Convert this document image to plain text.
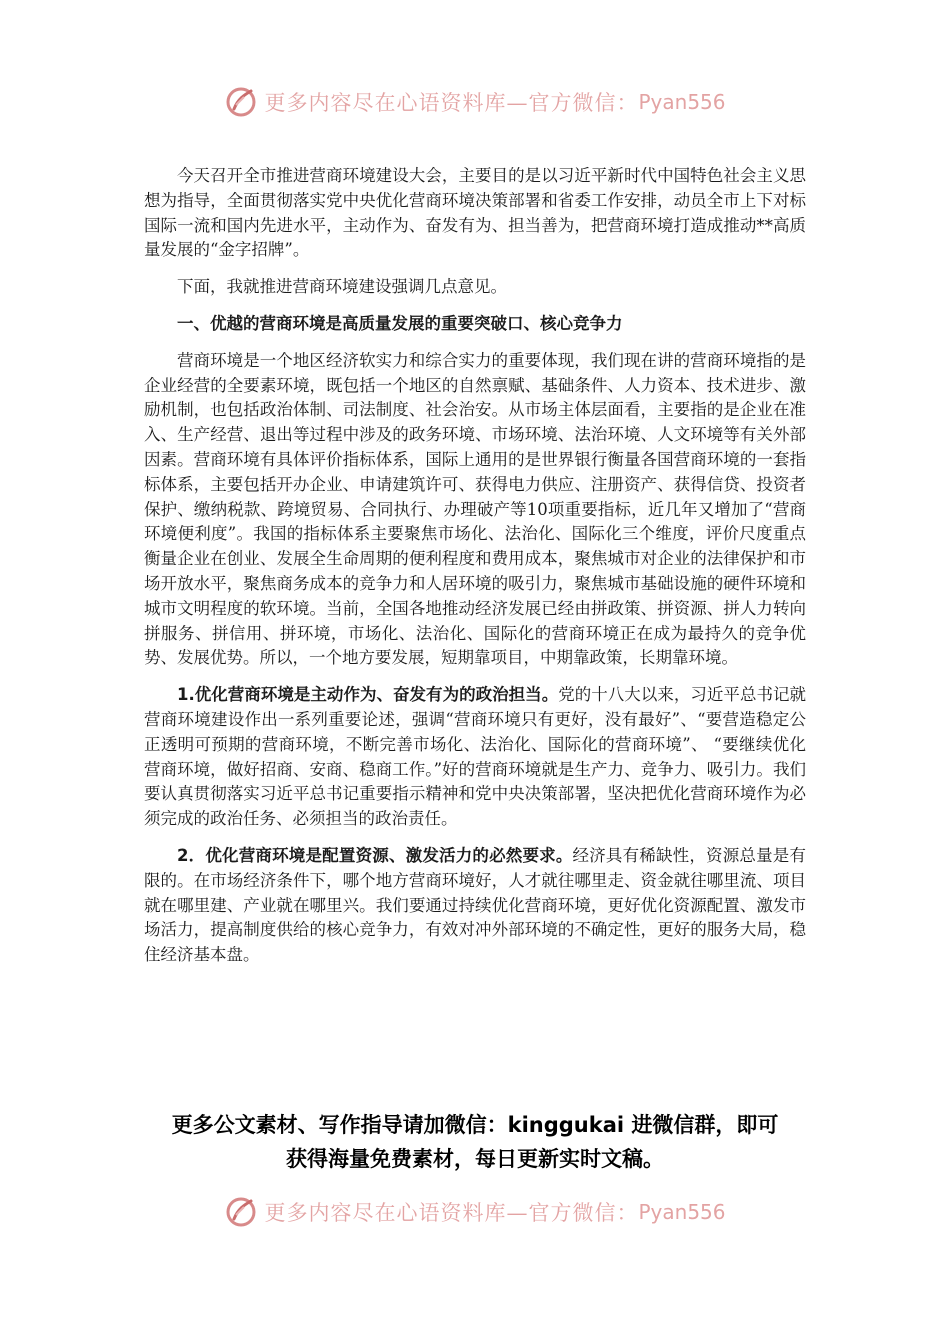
更多内容尽在心语资料库—官方微信： Pyan556

今天召开全市推进营商环境建设大会，主要目的是以习近平新时代中国特色社会主义思想为指导，全面贯彻落实党中央优化营商环境决策部署和省委工作安排，动员全市上下对标国际一流和国内先进水平，主动作为、奋发有为、担当善为，把营商环境打造成推动**高质量发展的“金字招牌”。

下面，我就推进营商环境建设强调几点意见。

一、优越的营商环境是高质量发展的重要突破口、核心竞争力

营商环境是一个地区经济软实力和综合实力的重要体现，我们现在讲的营商环境指的是企业经营的全要素环境，既包括一个地区的自然禀赋、基础条件、人力资本、技术进步、激励机制，也包括政治体制、司法制度、社会治安。从市场主体层面看，主要指的是企业在准入、生产经营、退出等过程中涉及的政务环境、市场环境、法治环境、人文环境等有关外部因素。营商环境有具体评价指标体系，国际上通用的是世界银行衡量各国营商环境的一套指标体系，主要包括开办企业、申请建筑许可、获得电力供应、注册资产、获得信贷、投资者保护、缴纳税款、跨境贸易、合同执行、办理破产等10项重要指标，近几年又增加了“营商环境便利度”。我国的指标体系主要聚焦市场化、法治化、国际化三个维度，评价尺度重点衡量企业在创业、发展全生命周期的便利程度和费用成本，聚焦城市对企业的法律保护和市场开放水平，聚焦商务成本的竞争力和人居环境的吸引力，聚焦城市基础设施的硬件环境和城市文明程度的软环境。当前，全国各地推动经济发展已经由拼政策、拼资源、拼人力转向拼服务、拼信用、拼环境，市场化、法治化、国际化的营商环境正在成为最持久的竞争优势、发展优势。所以，一个地方要发展，短期靠项目，中期靠政策，长期靠环境。

1.优化营商环境是主动作为、奋发有为的政治担当。党的十八大以来，习近平总书记就营商环境建设作出一系列重要论述，强调“营商环境只有更好，没有最好”、“要营造稳定公正透明可预期的营商环境，不断完善市场化、法治化、国际化的营商环境”、 “要继续优化营商环境，做好招商、安商、稳商工作。”好的营商环境就是生产力、竞争力、吸引力。我们要认真贯彻落实习近平总书记重要指示精神和党中央决策部署，坚决把优化营商环境作为必须完成的政治任务、必须担当的政治责任。

2．优化营商环境是配置资源、激发活力的必然要求。经济具有稀缺性，资源总量是有限的。在市场经济条件下，哪个地方营商环境好，人才就往哪里走、资金就往哪里流、项目就在哪里建、产业就在哪里兴。我们要通过持续优化营商环境，更好优化资源配置、激发市场活力，提高制度供给的核心竞争力，有效对冲外部环境的不确定性，更好的服务大局，稳住经济基本盘。

更多公文素材、写作指导请加微信：kinggukai 进微信群，即可
获得海量免费素材，每日更新实时文稿。
更多内容尽在心语资料库—官方微信： Pyan556
